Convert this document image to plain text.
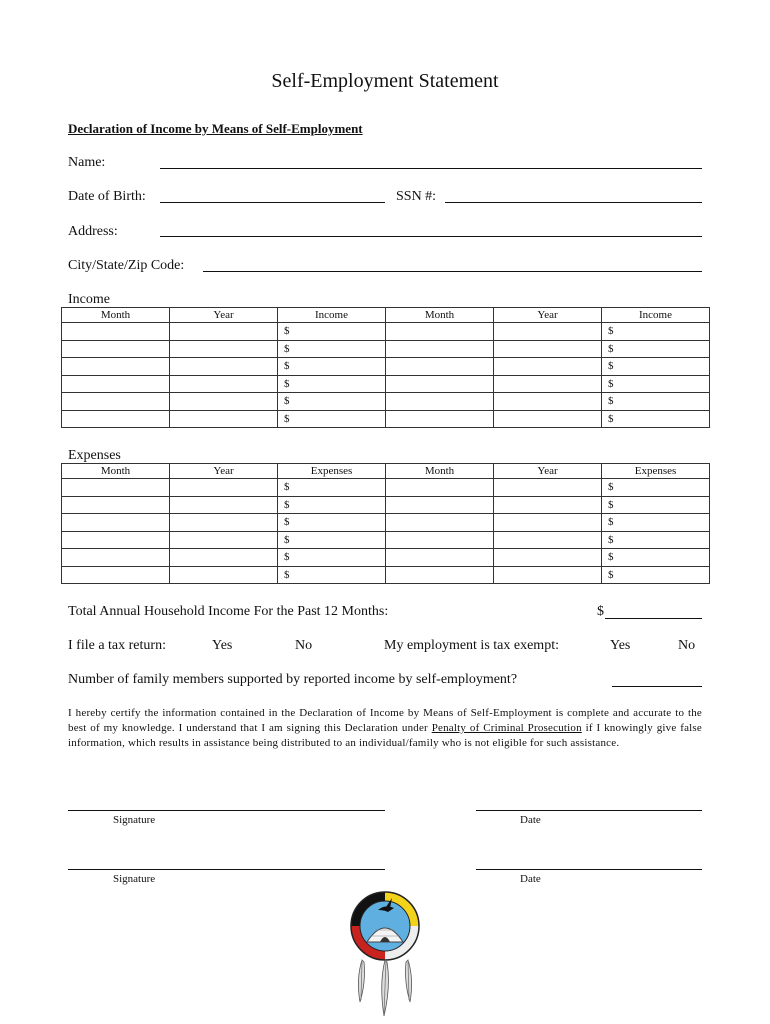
Self-Employment Statement
Declaration of Income by Means of Self-Employment
Name:
Date of Birth:	SSN #:
Address:
City/State/Zip Code:
Income
Month	Year	Income	Month	Year	Income
		$			$
		$			$
		$			$
		$			$
		$			$
		$			$
Expenses
Month	Year	Expenses	Month	Year	Expenses
		$			$
		$			$
		$			$
		$			$
		$			$
		$			$
Total Annual Household Income For the Past 12 Months:	$
I file a tax return:	Yes	No	My employment is tax exempt:	Yes	No
Number of family members supported by reported income by self-employment?
I hereby certify the information contained in the Declaration of Income by Means of Self-Employment is complete and accurate to the best of my knowledge. I understand that I am signing this Declaration under Penalty of Criminal Prosecution if I knowingly give false information, which results in assistance being distributed to an individual/family who is not eligible for such assistance.
Signature	Date
Signature	Date
